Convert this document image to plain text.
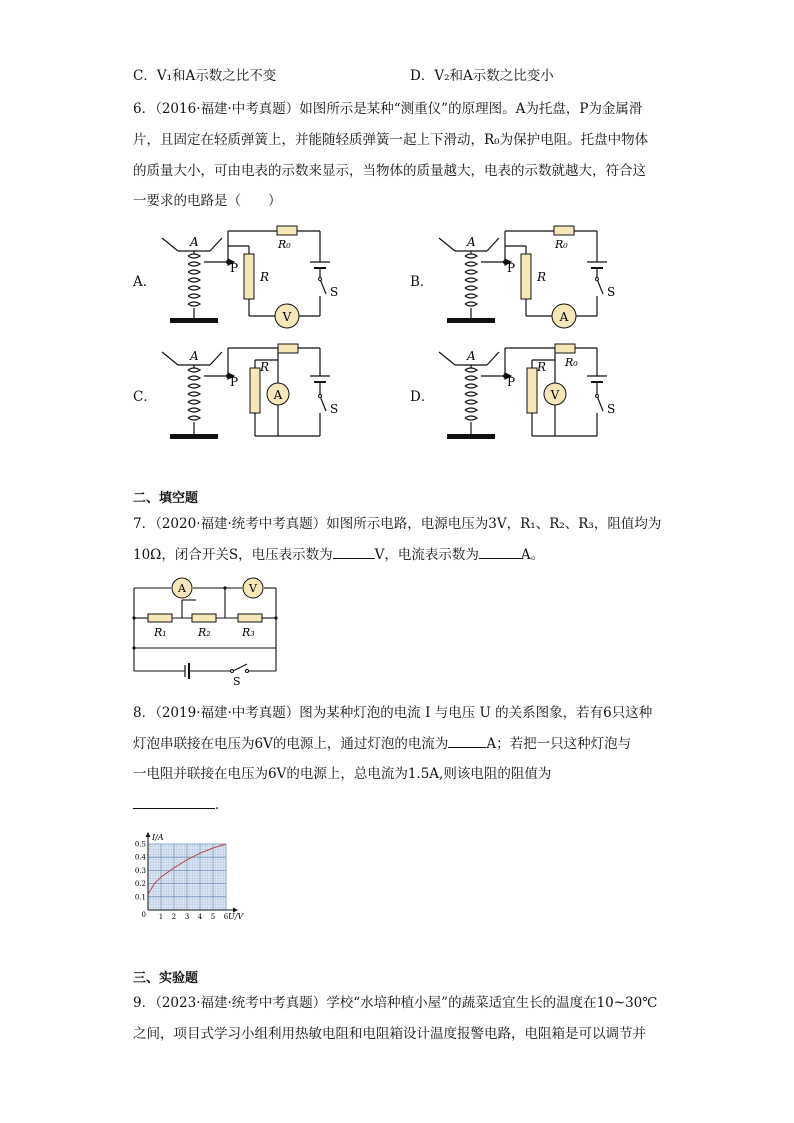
C．V₁和A示数之比不变	D．V₂和A示数之比变小
6．（2016·福建·中考真题）如图所示是某种“测重仪”的原理图。A为托盘，P为金属滑
片，且固定在轻质弹簧上，并能随轻质弹簧一起上下滑动，R₀为保护电阻。托盘中物体
的质量大小，可由电表的示数来显示，当物体的质量越大，电表的示数就越大，符合这
一要求的电路是（　　）
A．	B．
C．	D．
A
P
R
R₀
S
V
A
P
R
R₀
S
A
A
P
R
S
A
A
P
R R₀
S
V
二、填空题
7．（2020·福建·统考中考真题）如图所示电路，电源电压为3V，R₁、R₂、R₃，阻值均为
10Ω，闭合开关S，电压表示数为	V，电流表示数为	A。
A	V
R₁	R₂	R₃
S
8．（2019·福建·中考真题）图为某种灯泡的电流 I 与电压 U 的关系图象，若有6只这种
灯泡串联接在电压为6V的电源上，通过灯泡的电流为	A；若把一只这种灯泡与
一电阻并联接在电压为6V的电源上，总电流为1.5A,则该电阻的阻值为
．
1 2 3 4 5 6
0.1
0.2
0.3
0.4
0.5
I/A
U/V
0
三、实验题
9．（2023·福建·统考中考真题）学校“水培种植小屋”的蔬菜适宜生长的温度在10~30℃
之间，项目式学习小组利用热敏电阻和电阻箱设计温度报警电路，电阻箱是可以调节并
